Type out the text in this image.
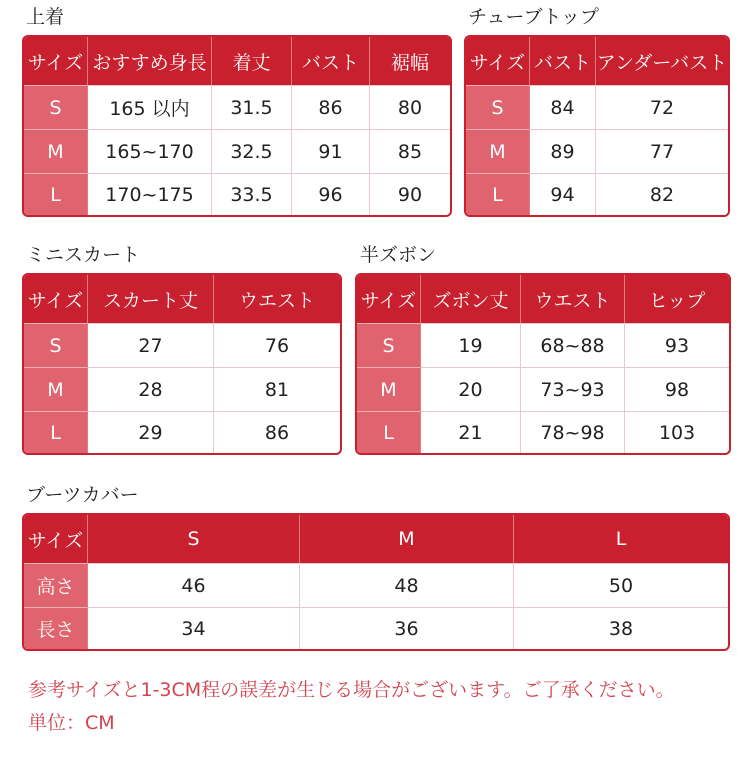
上着
サイズ	おすすめ身長	着丈	バスト	裾幅
S	165 以内	31.5	86	80
M	165~170	32.5	91	85
L	170~175	33.5	96	90
チューブトップ
サイズ	バスト	アンダーバスト
S	84	72
M	89	77
L	94	82
ミニスカート
サイズ	スカート丈	ウエスト
S	27	76
M	28	81
L	29	86
半ズボン
サイズ	ズボン丈	ウエスト	ヒップ
S	19	68~88	93
M	20	73~93	98
L	21	78~98	103
ブーツカバー
サイズ	S	M	L
高さ	46	48	50
長さ	34	36	38
参考サイズと1-3CM程の誤差が生じる場合がございます。ご了承ください。
単位：CM
